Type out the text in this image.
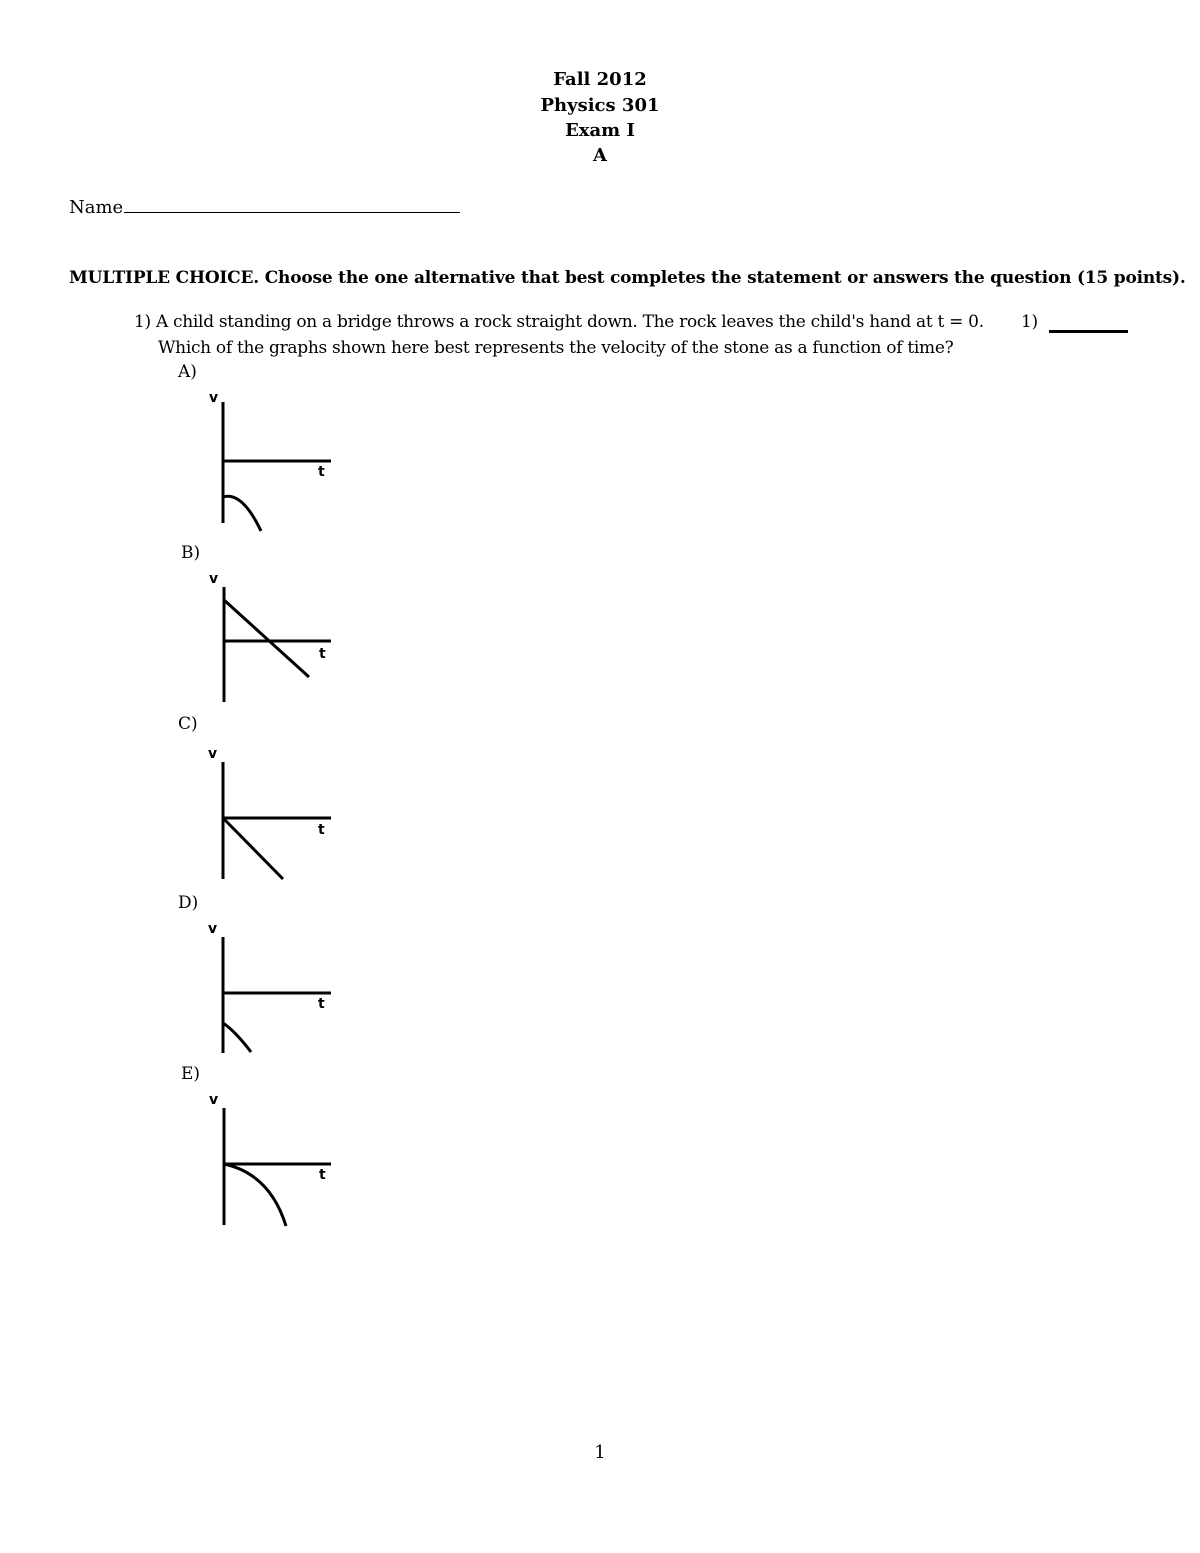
Fall 2012
Physics 301
Exam I
A
Name
MULTIPLE CHOICE. Choose the one alternative that best completes the statement or answers the question (15 points).
1) A child standing on a bridge throws a rock straight down. The rock leaves the child's hand at t = 0.
Which of the graphs shown here best represents the velocity of the stone as a function of time?
1)
A)
v
t
B)
v
t
C)
v
t
D)
v
t
E)
v
t
1
